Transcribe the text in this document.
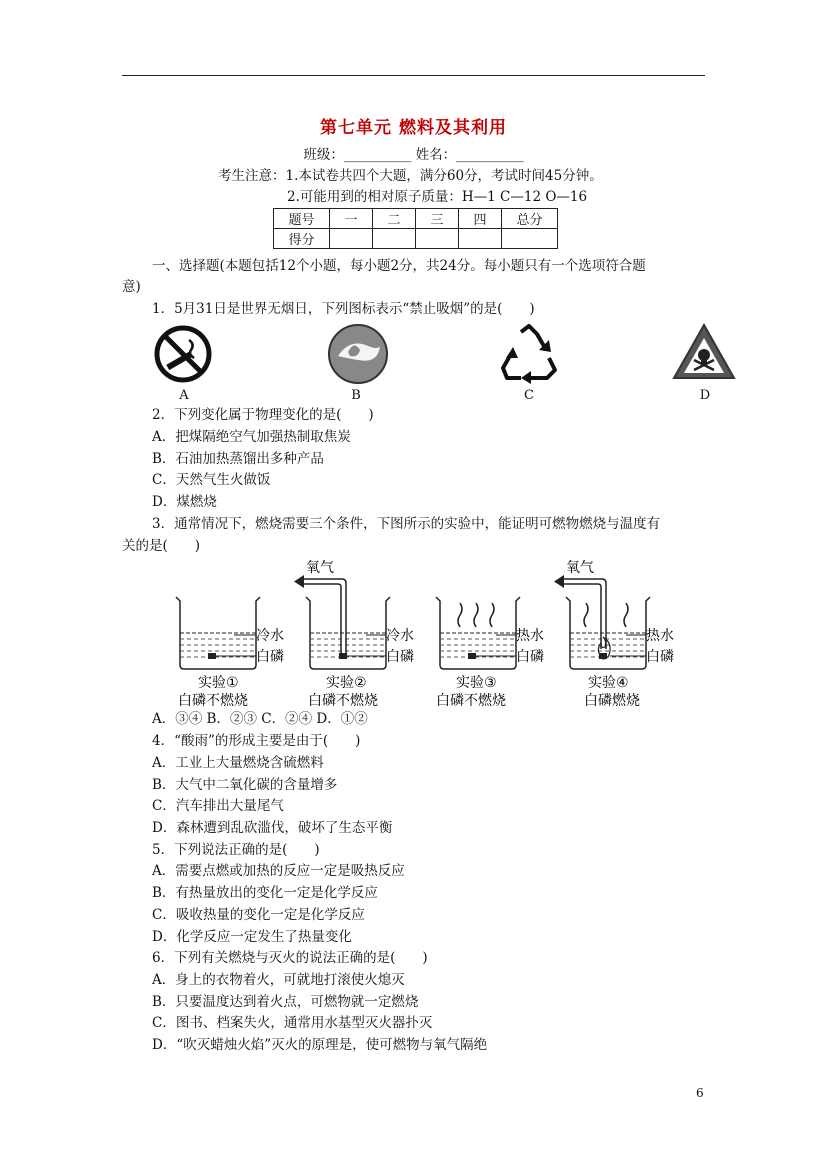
第七单元 燃料及其利用
班级：__________ 姓名：__________
考生注意：1.本试卷共四个大题，满分60分，考试时间45分钟。
2.可能用到的相对原子质量：H—1 C—12 O—16
题号	一	二	三	四	总分
得分					
一、选择题(本题包括12个小题，每小题2分，共24分。每小题只有一个选项符合题
意)
1．5月31日是世界无烟日，下列图标表示“禁止吸烟”的是(　　)
A	B	C	D
2．下列变化属于物理变化的是(　　)
A．把煤隔绝空气加强热制取焦炭
B．石油加热蒸馏出多种产品
C．天然气生火做饭
D．煤燃烧
3．通常情况下，燃烧需要三个条件，下图所示的实验中，能证明可燃物燃烧与温度有
关的是(　　)
冷水
白磷
实验①
白磷不燃烧
氧气
冷水
白磷
实验②
白磷不燃烧
热水
白磷
实验③
白磷不燃烧
氧气
热水
白磷
实验④
白磷燃烧
A．③④ B．②③ C．②④ D．①②
4．“酸雨”的形成主要是由于(　　)
A．工业上大量燃烧含硫燃料
B．大气中二氧化碳的含量增多
C．汽车排出大量尾气
D．森林遭到乱砍滥伐，破坏了生态平衡
5．下列说法正确的是(　　)
A．需要点燃或加热的反应一定是吸热反应
B．有热量放出的变化一定是化学反应
C．吸收热量的变化一定是化学反应
D．化学反应一定发生了热量变化
6．下列有关燃烧与灭火的说法正确的是(　　)
A．身上的衣物着火，可就地打滚使火熄灭
B．只要温度达到着火点，可燃物就一定燃烧
C．图书、档案失火，通常用水基型灭火器扑灭
D．“吹灭蜡烛火焰”灭火的原理是，使可燃物与氧气隔绝
6
